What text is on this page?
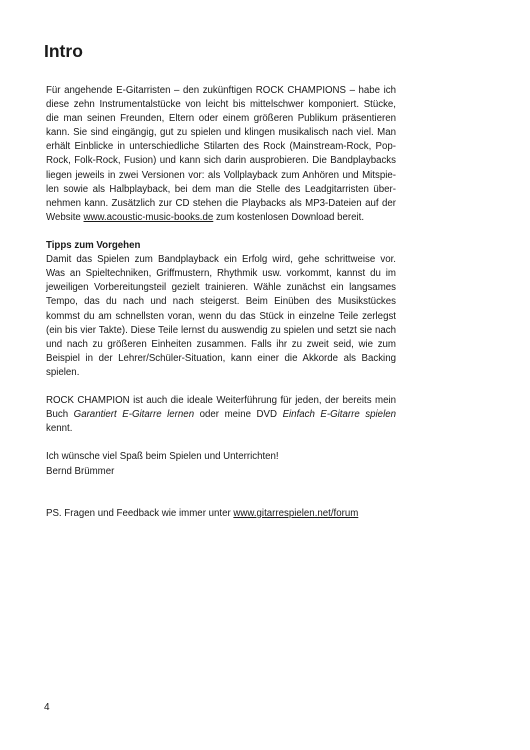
Intro

Für angehende E-Gitarristen – den zukünftigen ROCK CHAMPIONS – habe ich
diese zehn Instrumentalstücke von leicht bis mittelschwer komponiert. Stücke,
die man seinen Freunden, Eltern oder einem größeren Publikum präsentieren
kann. Sie sind eingängig, gut zu spielen und klingen musikalisch nach viel. Man
erhält Einblicke in unterschiedliche Stilarten des Rock (Mainstream-Rock, Pop-
Rock, Folk-Rock, Fusion) und kann sich darin ausprobieren. Die Bandplaybacks
liegen jeweils in zwei Versionen vor: als Vollplayback zum Anhören und Mitspie-
len sowie als Halbplayback, bei dem man die Stelle des Leadgitarristen über-
nehmen kann. Zusätzlich zur CD stehen die Playbacks als MP3-Dateien auf der
Website www.acoustic-music-books.de zum kostenlosen Download bereit.

Tipps zum Vorgehen
Damit das Spielen zum Bandplayback ein Erfolg wird, gehe schrittweise vor.
Was an Spieltechniken, Griffmustern, Rhythmik usw. vorkommt, kannst du im
jeweiligen Vorbereitungsteil gezielt trainieren. Wähle zunächst ein langsames
Tempo, das du nach und nach steigerst. Beim Einüben des Musikstückes
kommst du am schnellsten voran, wenn du das Stück in einzelne Teile zerlegst
(ein bis vier Takte). Diese Teile lernst du auswendig zu spielen und setzt sie nach
und nach zu größeren Einheiten zusammen. Falls ihr zu zweit seid, wie zum
Beispiel in der Lehrer/Schüler-Situation, kann einer die Akkorde als Backing
spielen.

ROCK CHAMPION ist auch die ideale Weiterführung für jeden, der bereits mein
Buch Garantiert E-Gitarre lernen oder meine DVD Einfach E-Gitarre spielen
kennt.

Ich wünsche viel Spaß beim Spielen und Unterrichten!
Bernd Brümmer

PS. Fragen und Feedback wie immer unter www.gitarrespielen.net/forum

4
